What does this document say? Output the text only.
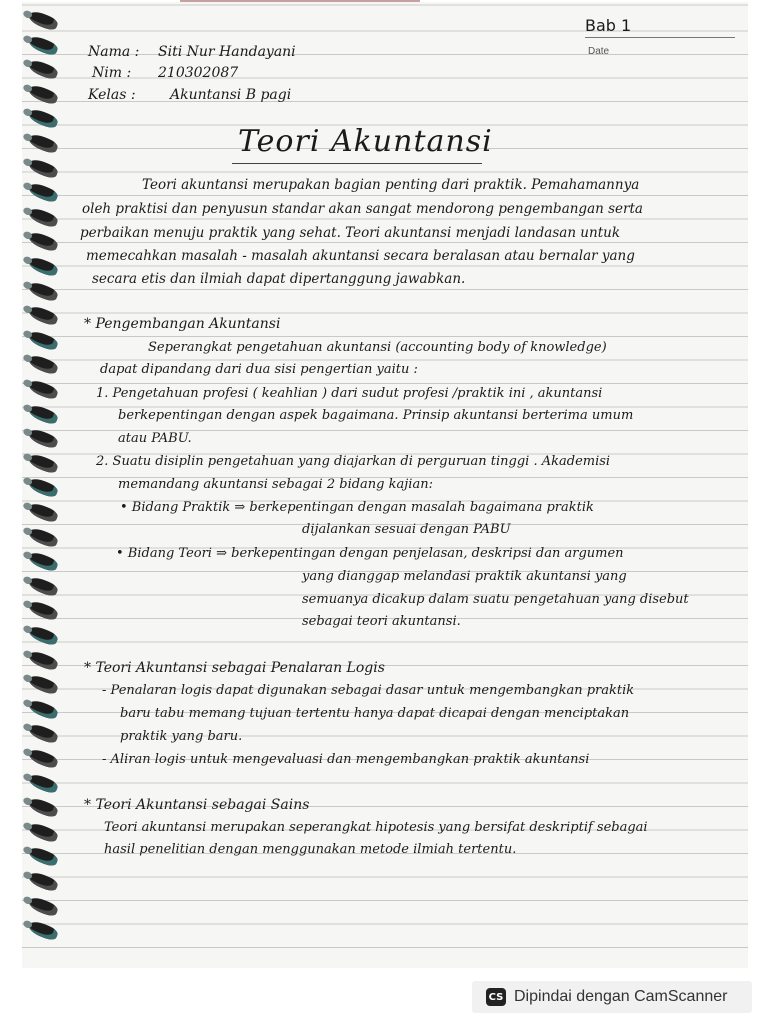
Bab 1
Date
Nama : Siti Nur Handayani
Nim : 210302087
Kelas : Akuntansi B pagi
Teori Akuntansi
Teori akuntansi merupakan bagian penting dari praktik. Pemahamannya
oleh praktisi dan penyusun standar akan sangat mendorong pengembangan serta
perbaikan menuju praktik yang sehat. Teori akuntansi menjadi landasan untuk
memecahkan masalah - masalah akuntansi secara beralasan atau bernalar yang
secara etis dan ilmiah dapat dipertanggung jawabkan.
* Pengembangan Akuntansi
Seperangkat pengetahuan akuntansi (accounting body of knowledge)
dapat dipandang dari dua sisi pengertian yaitu :
1. Pengetahuan profesi ( keahlian ) dari sudut profesi /praktik ini , akuntansi
berkepentingan dengan aspek bagaimana. Prinsip akuntansi berterima umum
atau PABU.
2. Suatu disiplin pengetahuan yang diajarkan di perguruan tinggi . Akademisi
memandang akuntansi sebagai 2 bidang kajian:
• Bidang Praktik ⇒ berkepentingan dengan masalah bagaimana praktik
dijalankan sesuai dengan PABU
• Bidang Teori ⇒ berkepentingan dengan penjelasan, deskripsi dan argumen
yang dianggap melandasi praktik akuntansi yang
semuanya dicakup dalam suatu pengetahuan yang disebut
sebagai teori akuntansi.
* Teori Akuntansi sebagai Penalaran Logis
- Penalaran logis dapat digunakan sebagai dasar untuk mengembangkan praktik
baru tabu memang tujuan tertentu hanya dapat dicapai dengan menciptakan
praktik yang baru.
- Aliran logis untuk mengevaluasi dan mengembangkan praktik akuntansi
* Teori Akuntansi sebagai Sains
Teori akuntansi merupakan seperangkat hipotesis yang bersifat deskriptif sebagai
hasil penelitian dengan menggunakan metode ilmiah tertentu.
CS Dipindai dengan CamScanner
